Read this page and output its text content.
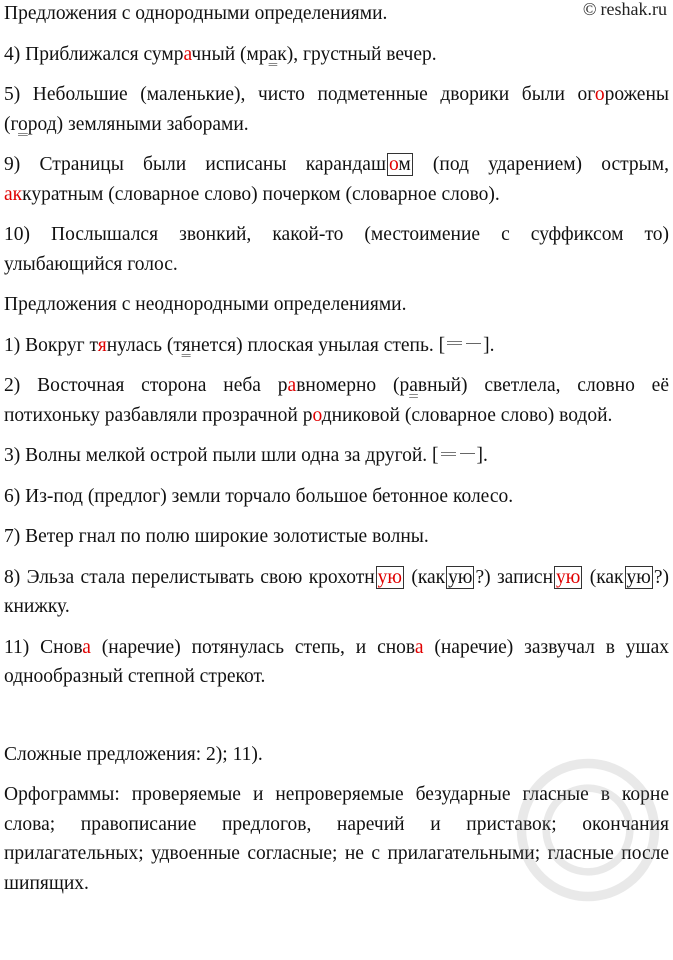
© reshak.ru

Предложения с однородными определениями.

4) Приближался сумрачный (мрак), грустный вечер.

5) Небольшие (маленькие), чисто подметенные дворики были огорожены (город) земляными заборами.

9) Страницы были исписаны карандаш ом (под ударением) острым, аккуратным (словарное слово) почерком (словарное слово).

10) Послышался звонкий, какой-то (местоимение с суффиксом то) улыбающийся голос.

Предложения с неоднородными определениями.

1) Вокруг тянулась (тянется) плоская унылая степь. [ ].

2) Восточная сторона неба равномерно (равный) светлела, словно её потихоньку разбавляли прозрачной родниковой (словарное слово) водой.

3) Волны мелкой острой пыли шли одна за другой. [ ].

6) Из-под (предлог) земли торчало большое бетонное колесо.

7) Ветер гнал по полю широкие золотистые волны.

8) Эльза стала перелистывать свою крохотн ую (как ую ?) записн ую (как ую ?) книжку.

11) Снова (наречие) потянулась степь, и снова (наречие) зазвучал в ушах однообразный степной стрекот.

Сложные предложения: 2); 11).

Орфограммы: проверяемые и непроверяемые безударные гласные в корне слова; правописание предлогов, наречий и приставок; окончания прилагательных; удвоенные согласные; не с прилагательными; гласные после шипящих.
